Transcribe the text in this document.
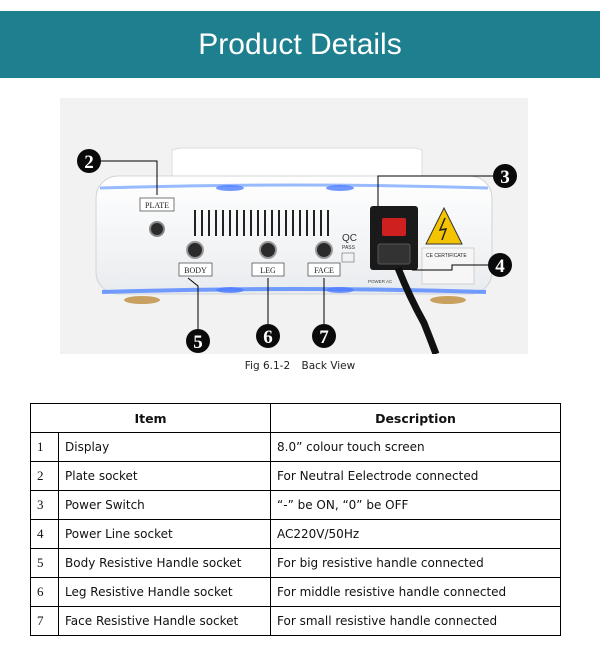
Product Details
PLATE
BODY	LEG	FACE
QC
PASS
CE CERTIFICATE
POWER AC
2
3
4
5	6 7
Fig 6.1-2 Back View
Item		Description
1	Display	8.0” colour touch screen
2	Plate socket	For Neutral Eelectrode connected
3	Power Switch	“-” be ON, “0” be OFF
4	Power Line socket	AC220V/50Hz
5	Body Resistive Handle socket	For big resistive handle connected
6	Leg Resistive Handle socket	For middle resistive handle connected
7	Face Resistive Handle socket	For small resistive handle connected
